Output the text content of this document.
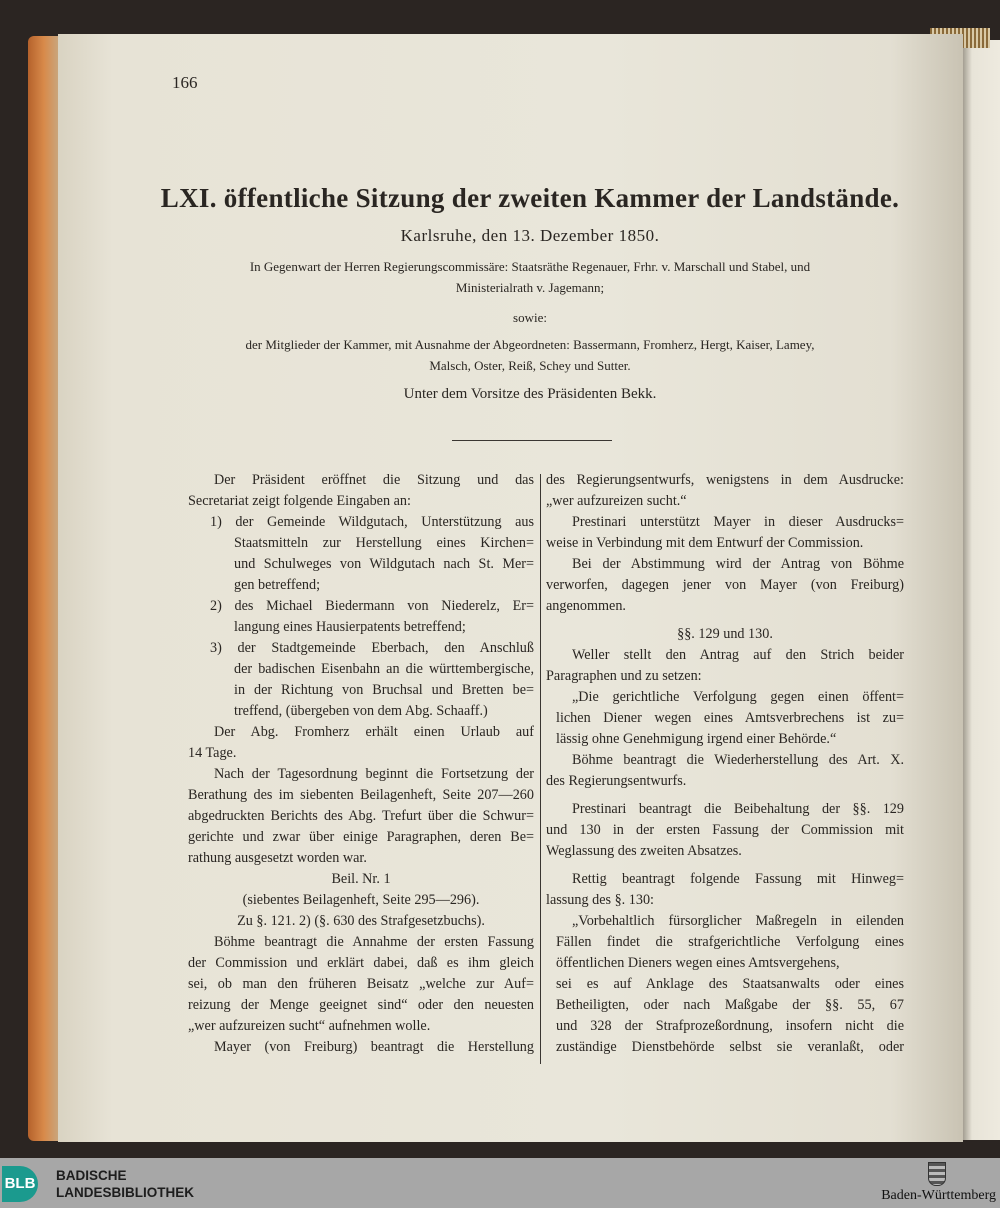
166
LXI. öffentliche Sitzung der zweiten Kammer der Landstände.
Karlsruhe, den 13. Dezember 1850.
In Gegenwart der Herren Regierungscommissäre: Staatsräthe Regenauer, Frhr. v. Marschall und Stabel, und
Ministerialrath v. Jagemann;
sowie:
der Mitglieder der Kammer, mit Ausnahme der Abgeordneten: Bassermann, Fromherz, Hergt, Kaiser, Lamey,
Malsch, Oster, Reiß, Schey und Sutter.
Unter dem Vorsitze des Präsidenten Bekk.
Der Präsident eröffnet die Sitzung und das
Secretariat zeigt folgende Eingaben an:
1) der Gemeinde Wildgutach, Unterstützung aus
Staatsmitteln zur Herstellung eines Kirchen=
und Schulweges von Wildgutach nach St. Mer=
gen betreffend;
2) des Michael Biedermann von Niederelz, Er=
langung eines Hausierpatents betreffend;
3) der Stadtgemeinde Eberbach, den Anschluß
der badischen Eisenbahn an die württembergische,
in der Richtung von Bruchsal und Bretten be=
treffend, (übergeben von dem Abg. Schaaff.)
Der Abg. Fromherz erhält einen Urlaub auf
14 Tage.
Nach der Tagesordnung beginnt die Fortsetzung der
Berathung des im siebenten Beilagenheft, Seite 207—260
abgedruckten Berichts des Abg. Trefurt über die Schwur=
gerichte und zwar über einige Paragraphen, deren Be=
rathung ausgesetzt worden war.
Beil. Nr. 1
(siebentes Beilagenheft, Seite 295—296).
Zu §. 121. 2) (§. 630 des Strafgesetzbuchs).
Böhme beantragt die Annahme der ersten Fassung
der Commission und erklärt dabei, daß es ihm gleich
sei, ob man den früheren Beisatz „welche zur Auf=
reizung der Menge geeignet sind“ oder den neuesten
„wer aufzureizen sucht“ aufnehmen wolle.
Mayer (von Freiburg) beantragt die Herstellung
des Regierungsentwurfs, wenigstens in dem Ausdrucke:
„wer aufzureizen sucht.“
Prestinari unterstützt Mayer in dieser Ausdrucks=
weise in Verbindung mit dem Entwurf der Commission.
Bei der Abstimmung wird der Antrag von Böhme
verworfen, dagegen jener von Mayer (von Freiburg)
angenommen.
§§. 129 und 130.
Weller stellt den Antrag auf den Strich beider
Paragraphen und zu setzen:
„Die gerichtliche Verfolgung gegen einen öffent=
lichen Diener wegen eines Amtsverbrechens ist zu=
lässig ohne Genehmigung irgend einer Behörde.“
Böhme beantragt die Wiederherstellung des Art. X.
des Regierungsentwurfs.
Prestinari beantragt die Beibehaltung der §§. 129
und 130 in der ersten Fassung der Commission mit
Weglassung des zweiten Absatzes.
Rettig beantragt folgende Fassung mit Hinweg=
lassung des §. 130:
„Vorbehaltlich fürsorglicher Maßregeln in eilenden
Fällen findet die strafgerichtliche Verfolgung eines
öffentlichen Dieners wegen eines Amtsvergehens,
sei es auf Anklage des Staatsanwalts oder eines
Betheiligten, oder nach Maßgabe der §§. 55, 67
und 328 der Strafprozeßordnung, insofern nicht die
zuständige Dienstbehörde selbst sie veranlaßt, oder
BLB BADISCHE
LANDESBIBLIOTHEK	Baden-Württemberg
